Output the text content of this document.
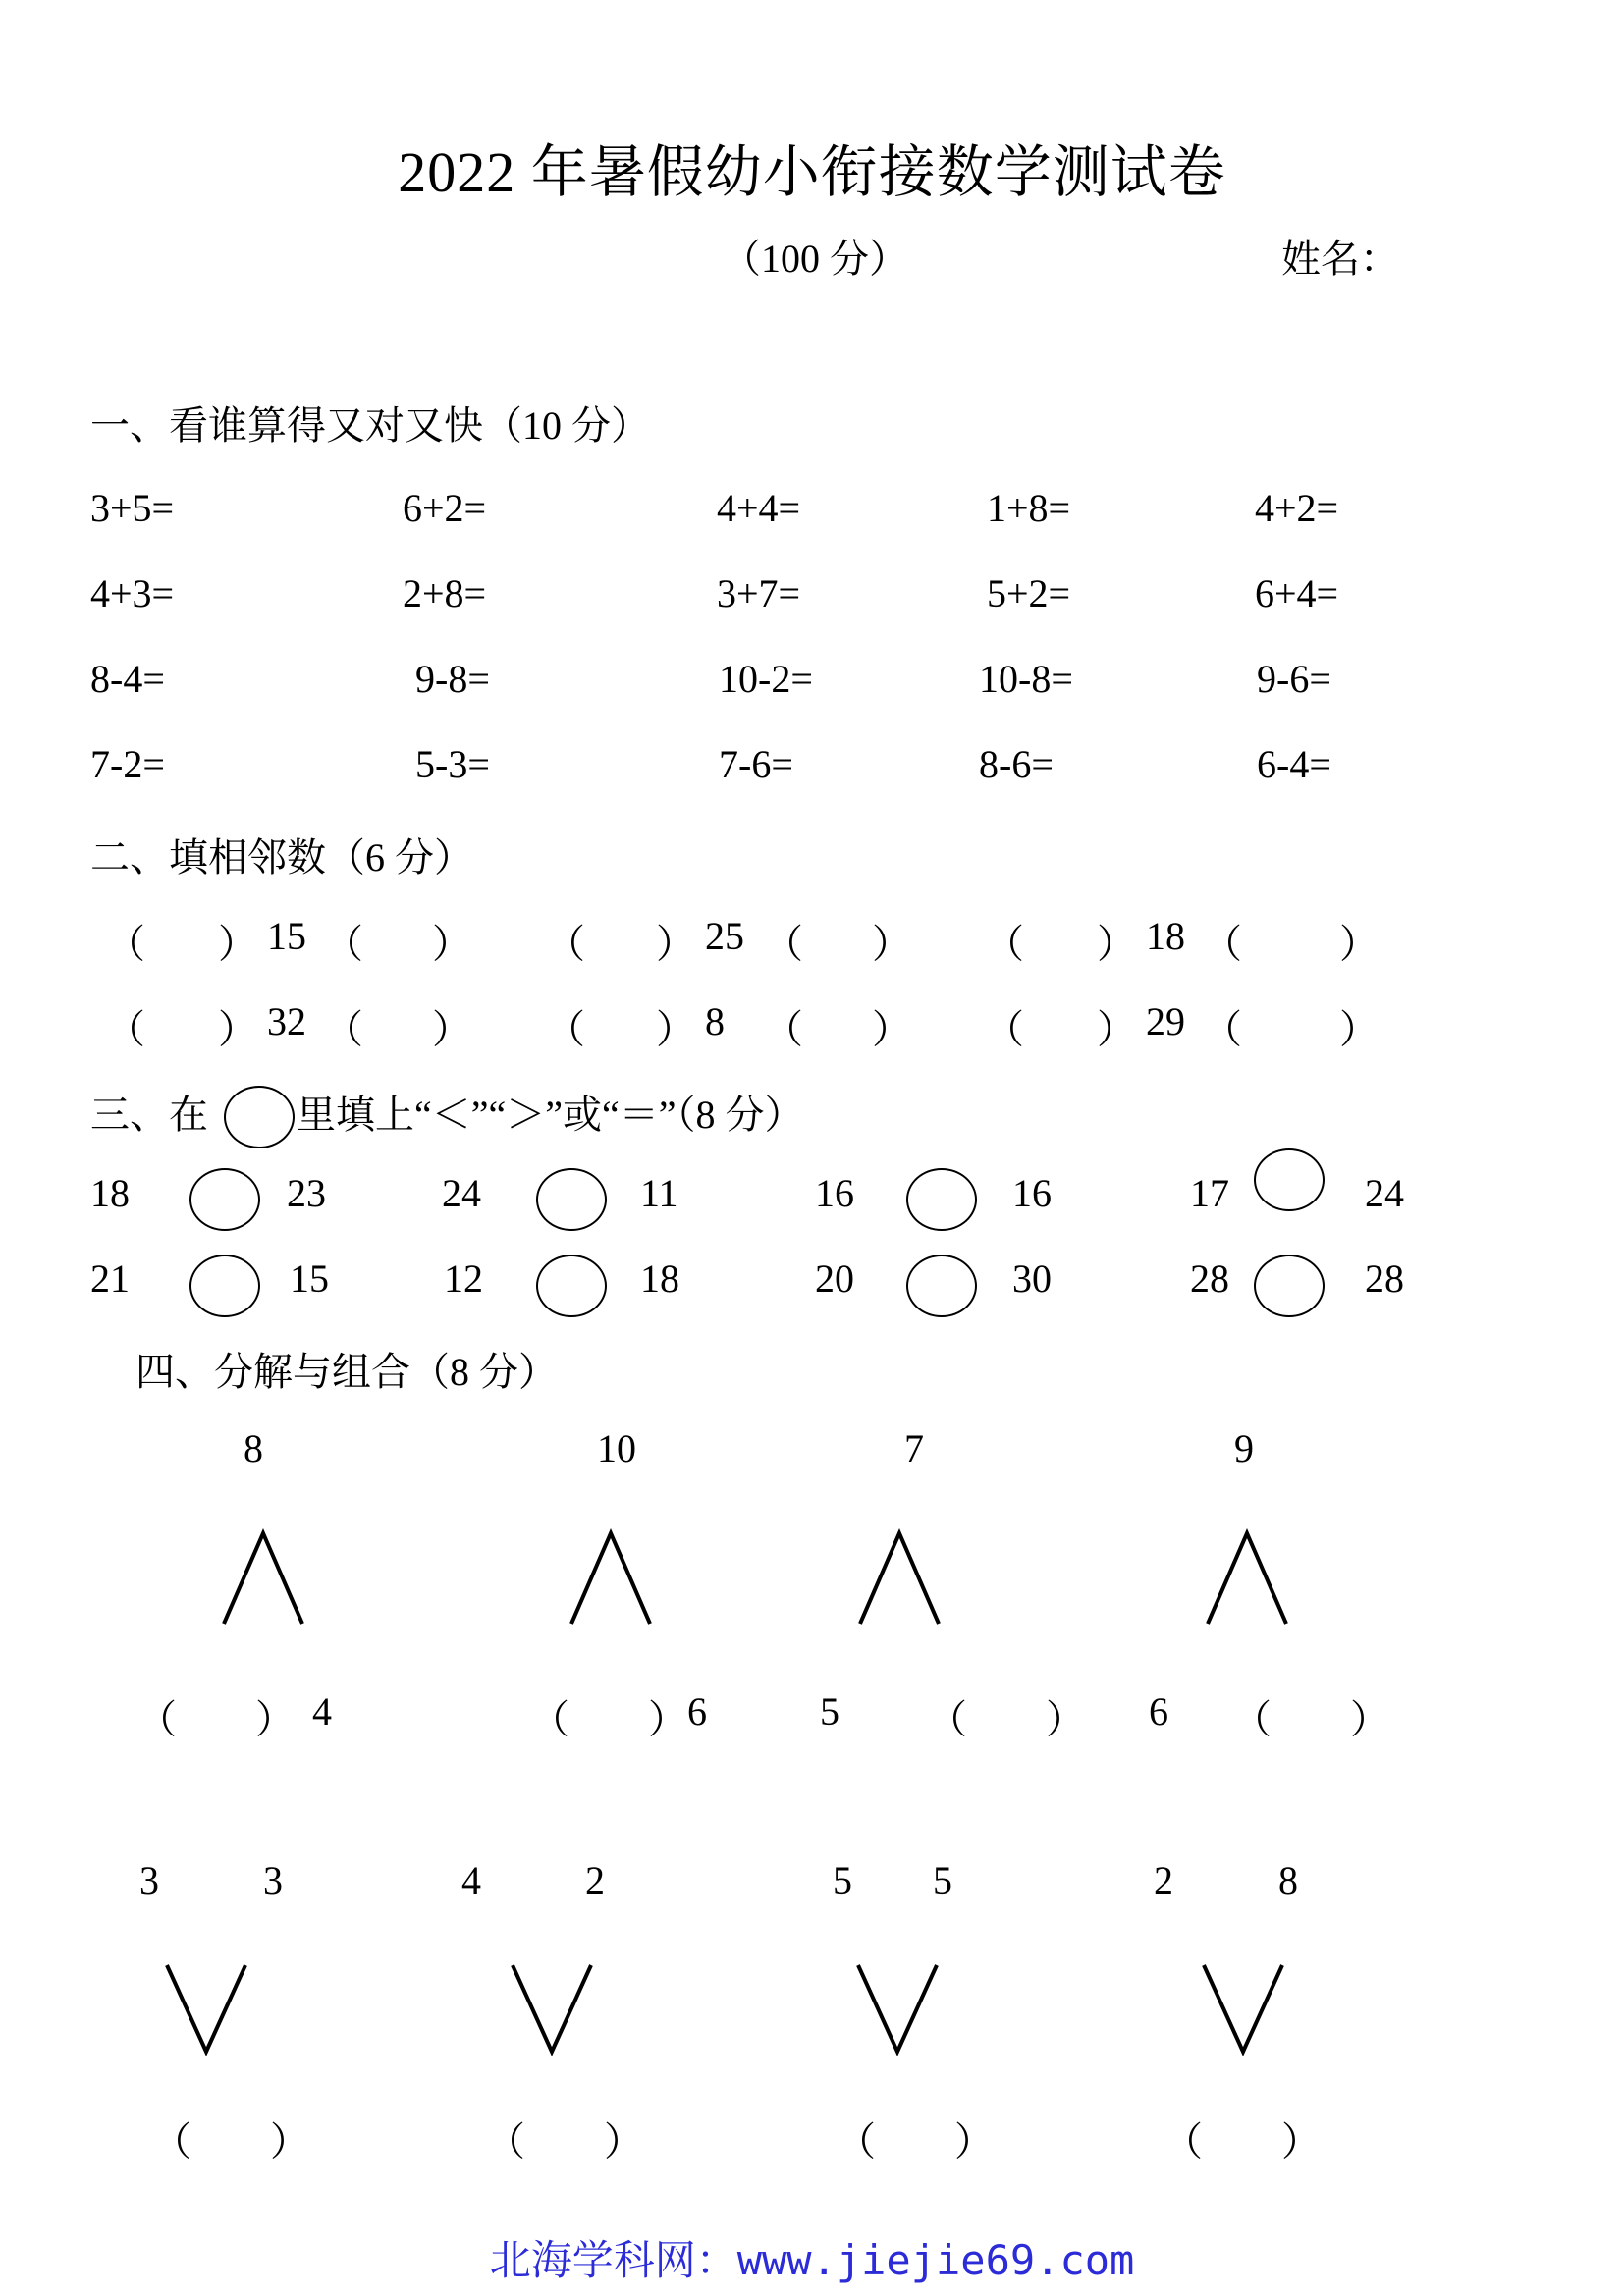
2022 年暑假幼小衔接数学测试卷
（100 分）	姓名：
一、看谁算得又对又快（10 分）
3+5=	6+2=	4+4=	1+8=	4+2=
4+3=	2+8=	3+7=	5+2=	6+4=
8-4=	9-8=	10-2=	10-8=	9-6=
7-2=	5-3=	7-6=	8-6=	6-4=
二、填相邻数（6 分）
（ ） 15 （ ） （ ） 25 （ ） （ ） 18 （ ）
（ ） 32 （ ） （ ） 8 （ ） （ ） 29 （ ）
三、在 里填上“＜”“＞”或“＝”（8 分）
18	23	24	11	16	16	17	24
21	15	12	18	20	30	28	28
四、分解与组合（8 分）
8
（　　） 4
10
（　　） 6
7
5 （　　）
9
6 （　　）
3	3
（　　）
4	2
（　　）
5 5
（　　）
2	8
（　　）
北海学科网：www.jiejie69.com
